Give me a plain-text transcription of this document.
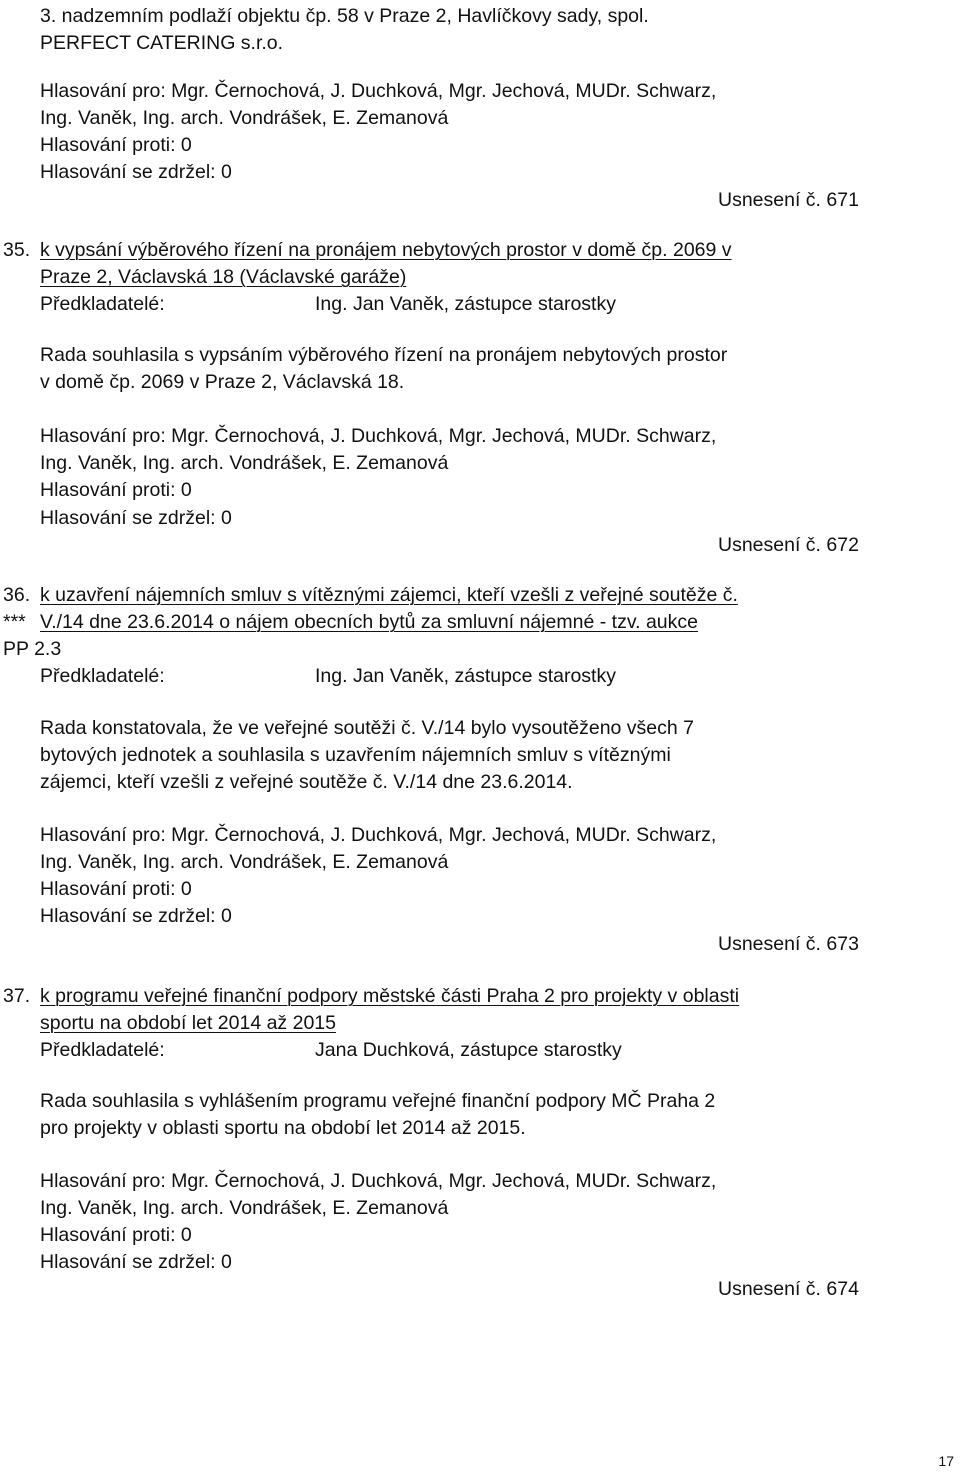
3. nadzemním podlaží objektu čp. 58 v Praze 2, Havlíčkovy sady, spol.
PERFECT CATERING s.r.o.
Hlasování pro: Mgr. Černochová, J. Duchková, Mgr. Jechová, MUDr. Schwarz,
Ing. Vaněk, Ing. arch. Vondrášek, E. Zemanová
Hlasování proti: 0
Hlasování se zdržel: 0
Usnesení č. 671
35. k vypsání výběrového řízení na pronájem nebytových prostor v domě čp. 2069 v
Praze 2, Václavská 18 (Václavské garáže)
Předkladatelé:	Ing. Jan Vaněk, zástupce starostky
Rada souhlasila s vypsáním výběrového řízení na pronájem nebytových prostor
v domě čp. 2069 v Praze 2, Václavská 18.
Hlasování pro: Mgr. Černochová, J. Duchková, Mgr. Jechová, MUDr. Schwarz,
Ing. Vaněk, Ing. arch. Vondrášek, E. Zemanová
Hlasování proti: 0
Hlasování se zdržel: 0
Usnesení č. 672
36. k uzavření nájemních smluv s vítěznými zájemci, kteří vzešli z veřejné soutěže č.
*** V./14 dne 23.6.2014 o nájem obecních bytů za smluvní nájemné - tzv. aukce
PP 2.3
Předkladatelé:	Ing. Jan Vaněk, zástupce starostky
Rada konstatovala, že ve veřejné soutěži č. V./14 bylo vysoutěženo všech 7
bytových jednotek a souhlasila s uzavřením nájemních smluv s vítěznými
zájemci, kteří vzešli z veřejné soutěže č. V./14 dne 23.6.2014.
Hlasování pro: Mgr. Černochová, J. Duchková, Mgr. Jechová, MUDr. Schwarz,
Ing. Vaněk, Ing. arch. Vondrášek, E. Zemanová
Hlasování proti: 0
Hlasování se zdržel: 0
Usnesení č. 673
37. k programu veřejné finanční podpory městské části Praha 2 pro projekty v oblasti
sportu na období let 2014 až 2015
Předkladatelé:	Jana Duchková, zástupce starostky
Rada souhlasila s vyhlášením programu veřejné finanční podpory MČ Praha 2
pro projekty v oblasti sportu na období let 2014 až 2015.
Hlasování pro: Mgr. Černochová, J. Duchková, Mgr. Jechová, MUDr. Schwarz,
Ing. Vaněk, Ing. arch. Vondrášek, E. Zemanová
Hlasování proti: 0
Hlasování se zdržel: 0
Usnesení č. 674
17
